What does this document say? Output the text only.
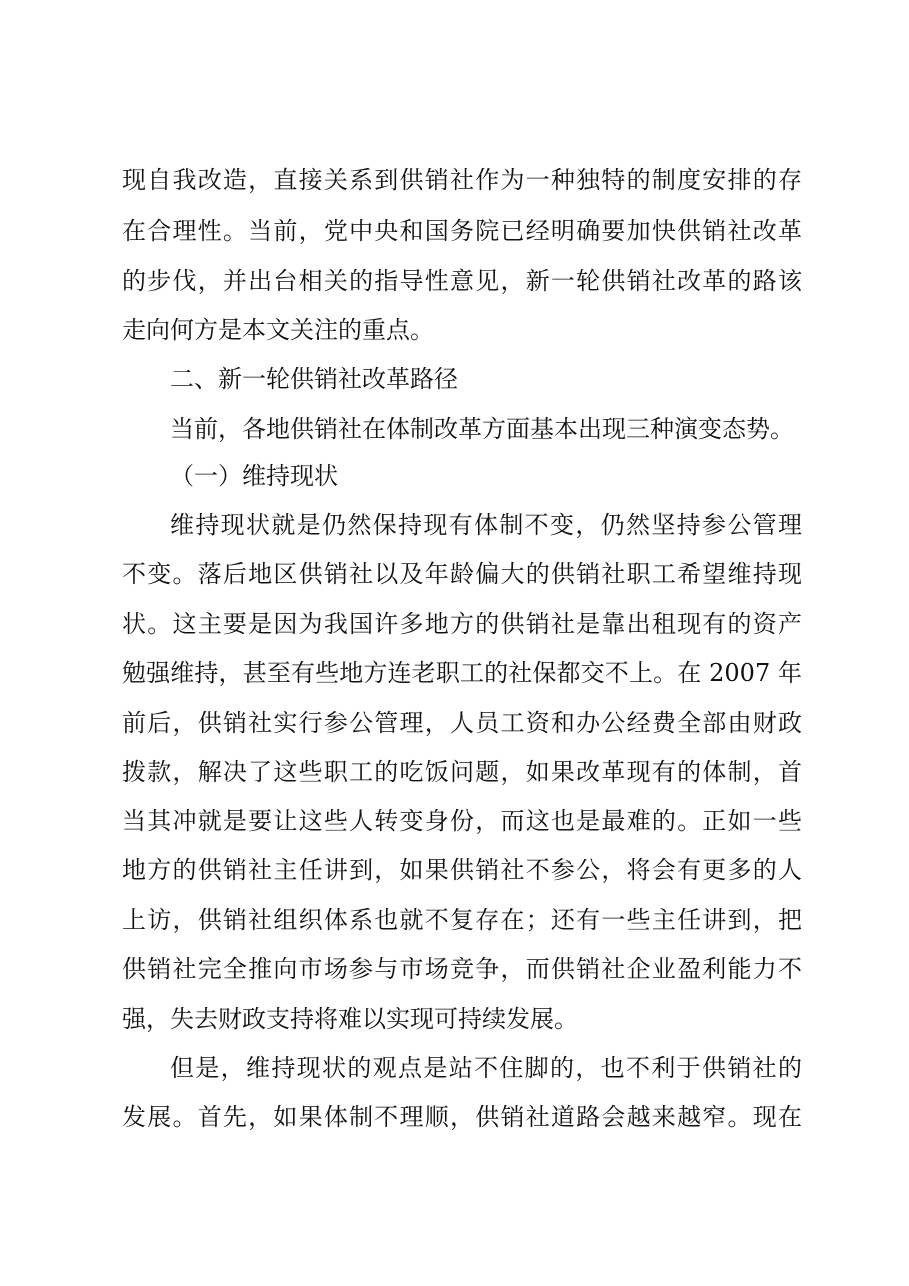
现自我改造，直接关系到供销社作为一种独特的制度安排的存
在合理性。当前，党中央和国务院已经明确要加快供销社改革
的步伐，并出台相关的指导性意见，新一轮供销社改革的路该
走向何方是本文关注的重点。
二、新一轮供销社改革路径
当前，各地供销社在体制改革方面基本出现三种演变态势。
（一）维持现状
维持现状就是仍然保持现有体制不变，仍然坚持参公管理
不变。落后地区供销社以及年龄偏大的供销社职工希望维持现
状。这主要是因为我国许多地方的供销社是靠出租现有的资产
勉强维持，甚至有些地方连老职工的社保都交不上。在 2007 年
前后，供销社实行参公管理，人员工资和办公经费全部由财政
拨款，解决了这些职工的吃饭问题，如果改革现有的体制，首
当其冲就是要让这些人转变身份，而这也是最难的。正如一些
地方的供销社主任讲到，如果供销社不参公，将会有更多的人
上访，供销社组织体系也就不复存在；还有一些主任讲到，把
供销社完全推向市场参与市场竞争，而供销社企业盈利能力不
强，失去财政支持将难以实现可持续发展。
但是，维持现状的观点是站不住脚的，也不利于供销社的
发展。首先，如果体制不理顺，供销社道路会越来越窄。现在
